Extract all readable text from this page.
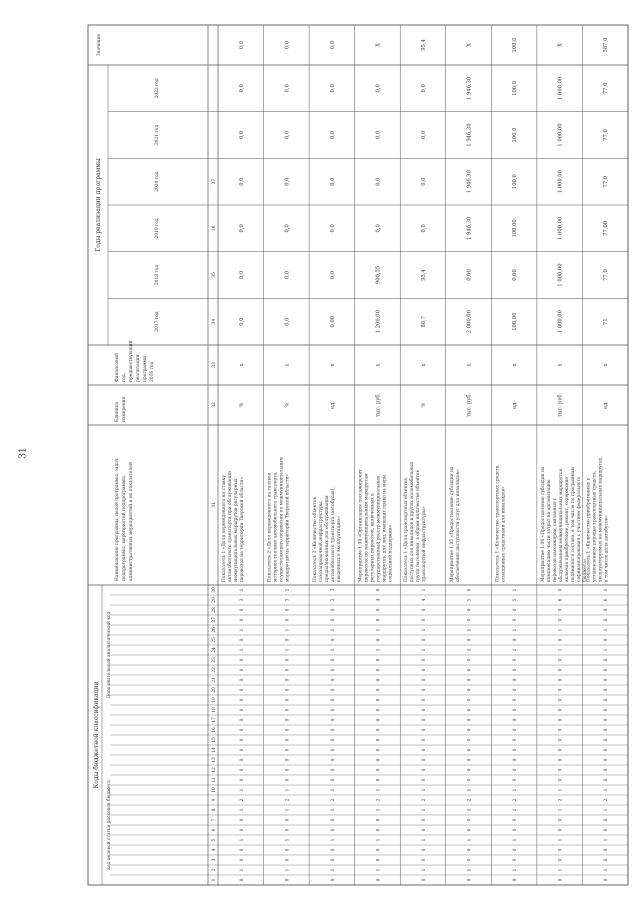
31
Коды бюджетной классификации
код целевой статьи расходов бюджета
Дополнительный аналитический код
Наименование программы, целей программы, задач подпрограммы, мероприятий подпрограммы, административных мероприятий и их показателей
Единица измерения
Финансовый год, предшествующий реализации программы, 2016 год
Годы реализации программы
2017 год
2018 год
2019 год
2020 год
2021 год
2022 год
Значение
1
2
3
4
5
6
7
8
9
10
11
12
13
14
15
16
17
18
19
20
21
22
23
24
25
26
27
28
29
30
31
32
33
34
35
36
37
0
1
0
0
1
0
0
1
2
1
0
0
0
0
0
0
0
0
0
0
0
0
0
1
0
1
0
0
3
1
Показатель 1 «Доля переведенного на ставку автомобильного транспорта при обслуживании межмуниципальных маршрутов регулярных перевозок на территории Тверской области»
%
х
0,0
0,0
0,0
0,0
0,0
0,0
0,0
0
1
0
0
1
0
0
1
2
1
0
0
0
0
0
0
0
0
0
0
0
0
0
1
0
1
0
0
3
2
Показатель 2 «Доля переведенного на газовое моторное топливо автомобильного транспорта, осуществляющего перевозки по межмуниципальным маршрутам на территории Тверской области»
%
х
0,0
0,0
0,0
0,0
0,0
0,0
0,0
0
1
0
0
1
0
0
1
2
1
0
0
0
0
0
0
0
0
0
0
0
0
0
1
0
1
0
0
3
3
Показатель 3 «Количество объектов газозаправочной инфраструктуры, предназначенных для обслуживания автомобильного транспорта (автобусов), введенных в эксплуатацию»
ед.
х
0,00
0,0
0,0
0,0
0,0
0,0
0,0
0
1
0
0
1
0
0
1
2
1
0
0
0
0
0
0
0
0
0
0
0
0
0
1
0
1
0
0
4
0
Мероприятие 1.04 «Организация пассажирских перевозок по межмуниципальным маршрутам регулярных перевозок, включенных в государственный реестр межмуниципальных маршрутов, для лиц, имеющих право на меры социальной поддержки»
тыс. руб.
х
1 200,00
900,55
0,0
0,0
0,0
0,0
Х
0
1
0
0
1
0
0
1
2
1
0
0
0
0
0
0
0
0
0
0
0
0
0
1
0
1
0
0
4
1
Показатель 1 «Доля транспортных объектов, доступных для инвалидов и других маломобильных групп населения, в общем количестве объектов транспортной инфраструктуры»
%
х
86,7
93,4
0,0
0,0
0,0
0,0
95,4
0
1
0
0
1
0
0
1
2
1
0
0
0
0
0
0
0
0
0
0
0
0
0
1
0
1
0
0
5
0
Мероприятие 1.05 «Предоставление субсидии на обеспечение доступности услуг для инвалидов»
тыс. руб.
х
2 000,00
0,00
1 946,30
1 946,30
1 946,30
1 946,30
Х
0
1
0
0
1
0
0
1
2
1
0
0
0
0
0
0
0
0
0
0
0
0
0
1
0
1
0
0
5
1
Показатель 1 «Количество транспортных средств, оснащенных средствами для инвалидов»
ед.
х
100,00
0,00
100,00
100,0
100,0
100,0
100,0
0
1
0
0
1
0
0
1
2
1
0
0
0
0
0
0
0
0
0
0
0
0
0
1
0
1
0
0
6
0
Мероприятие 1.06 «Предоставление субсидии на компенсацию части затрат на организацию перевозок пассажиров, связанных с обслуживанием межмуниципальных маршрутов, включая приобретение, ремонт, содержание подвижного состава, в том числе по программам софинансирования с участием федерального бюджета»
тыс. руб.
х
1 000,00
1 000,00
1 000,00
1 000,00
1 000,00
1 000,00
Х
0
1
0
0
1
0
0
1
2
1
0
0
0
0
0
0
0
0
0
0
0
0
0
1
0
1
0
0
6
1
Показатель 1 «Количество приобретенных в установленном порядке транспортных средств, эксплуатируемых на межмуниципальных маршрутах, в том числе доля автобусов»
ед.
х
71
77,0
77,00
77,0
77,0
77,0
387,0
